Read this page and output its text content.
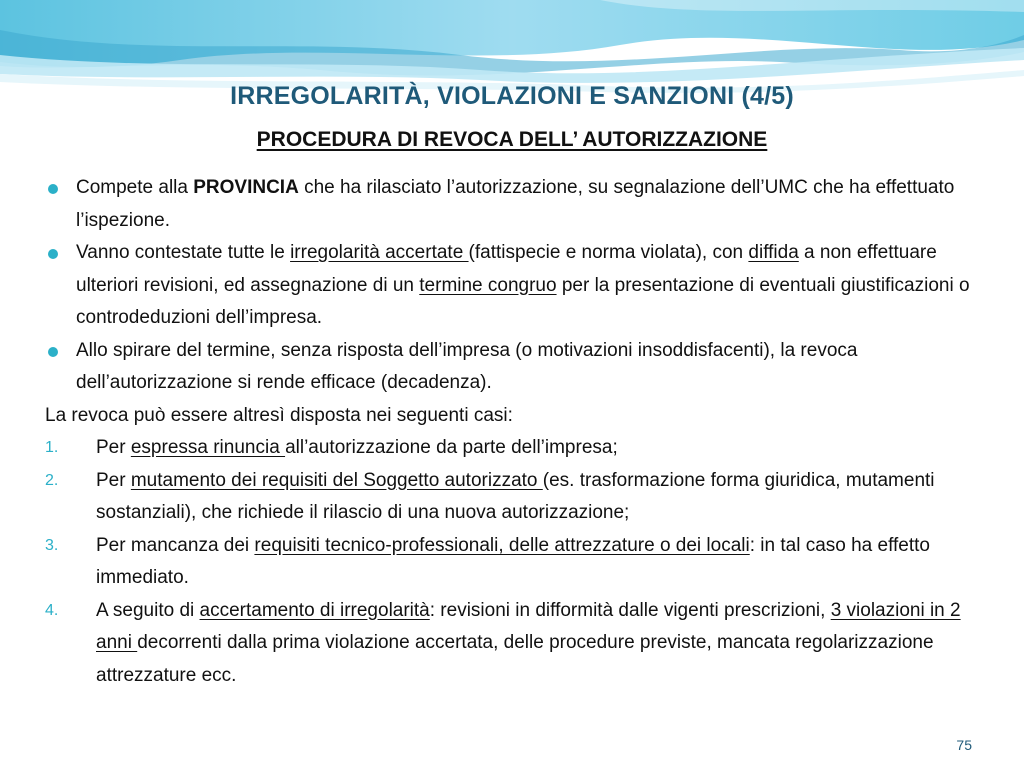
IRREGOLARITÀ, VIOLAZIONI E SANZIONI (4/5)
PROCEDURA DI REVOCA DELL’ AUTORIZZAZIONE
Compete alla PROVINCIA che ha rilasciato l’autorizzazione, su segnalazione dell’UMC che ha effettuato l’ispezione.
Vanno contestate tutte le irregolarità accertate (fattispecie e norma violata), con diffida a non effettuare ulteriori revisioni, ed assegnazione di un termine congruo per la presentazione di eventuali giustificazioni o controdeduzioni dell’impresa.
Allo spirare del termine, senza risposta dell’impresa (o motivazioni insoddisfacenti), la revoca dell’autorizzazione si rende efficace (decadenza).
La revoca può essere altresì disposta nei seguenti casi:
1. Per espressa rinuncia all’autorizzazione da parte dell’impresa;
2. Per mutamento dei requisiti del Soggetto autorizzato (es. trasformazione forma giuridica, mutamenti sostanziali), che richiede il rilascio di una nuova autorizzazione;
3. Per mancanza dei requisiti tecnico-professionali, delle attrezzature o dei locali: in tal caso ha effetto immediato.
4. A seguito di accertamento di irregolarità: revisioni in difformità dalle vigenti prescrizioni, 3 violazioni in 2 anni decorrenti dalla prima violazione accertata, delle procedure previste, mancata regolarizzazione attrezzature ecc.
75
